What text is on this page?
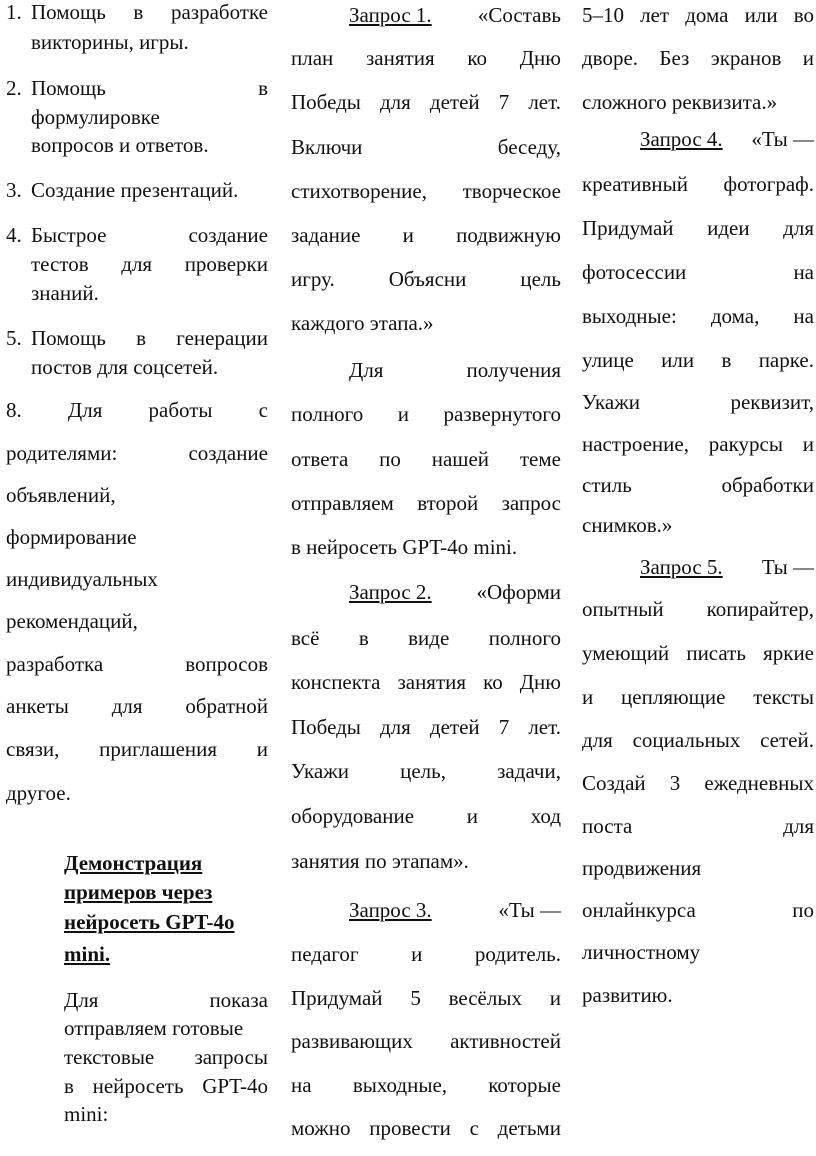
1. Помощь в разработке
викторины, игры.
2. Помощь	в
формулировке
вопросов и ответов.
3. Создание презентаций.
4. Быстрое	создание
тестов для проверки
знаний.
5. Помощь в генерации
постов для соцсетей.
8. Для работы с
родителями:	создание
объявлений,
формирование
индивидуальных
рекомендаций,
разработка	вопросов
анкеты для обратной
связи, приглашения и
другое.
Демонстрация
примеров через
нейросеть GPT-4o
mini.
Для	показа
отправляем готовые
текстовые запросы
в нейросеть GPT-4o
mini:
Запрос 1. «Составь
план занятия ко Дню
Победы для детей 7 лет.
Включи	беседу,
стихотворение, творческое
задание и подвижную
игру.	Объясни	цель
каждого этапа.»
Для	получения
полного и развернутого
ответа по нашей теме
отправляем второй запрос
в нейросеть GPT-4o mini.
Запрос 2. «Оформи
всё в виде полного
конспекта занятия ко Дню
Победы для детей 7 лет.
Укажи цель, задачи,
оборудование	и	ход
занятия по этапам».
Запрос 3.	«Ты —
педагог	и	родитель.
Придумай 5 весёлых и
развивающих активностей
на выходные, которые
можно провести с детьми
5–10 лет дома или во
дворе. Без экранов и
сложного реквизита.»
Запрос 4. «Ты —
креативный фотограф.
Придумай идеи для
фотосессии	на
выходные: дома, на
улице или в парке.
Укажи	реквизит,
настроение, ракурсы и
стиль	обработки
снимков.»
Запрос 5. Ты —
опытный копирайтер,
умеющий писать яркие
и цепляющие тексты
для социальных сетей.
Создай 3 ежедневных
поста	для
продвижения
онлайнкурса	по
личностному
развитию.
